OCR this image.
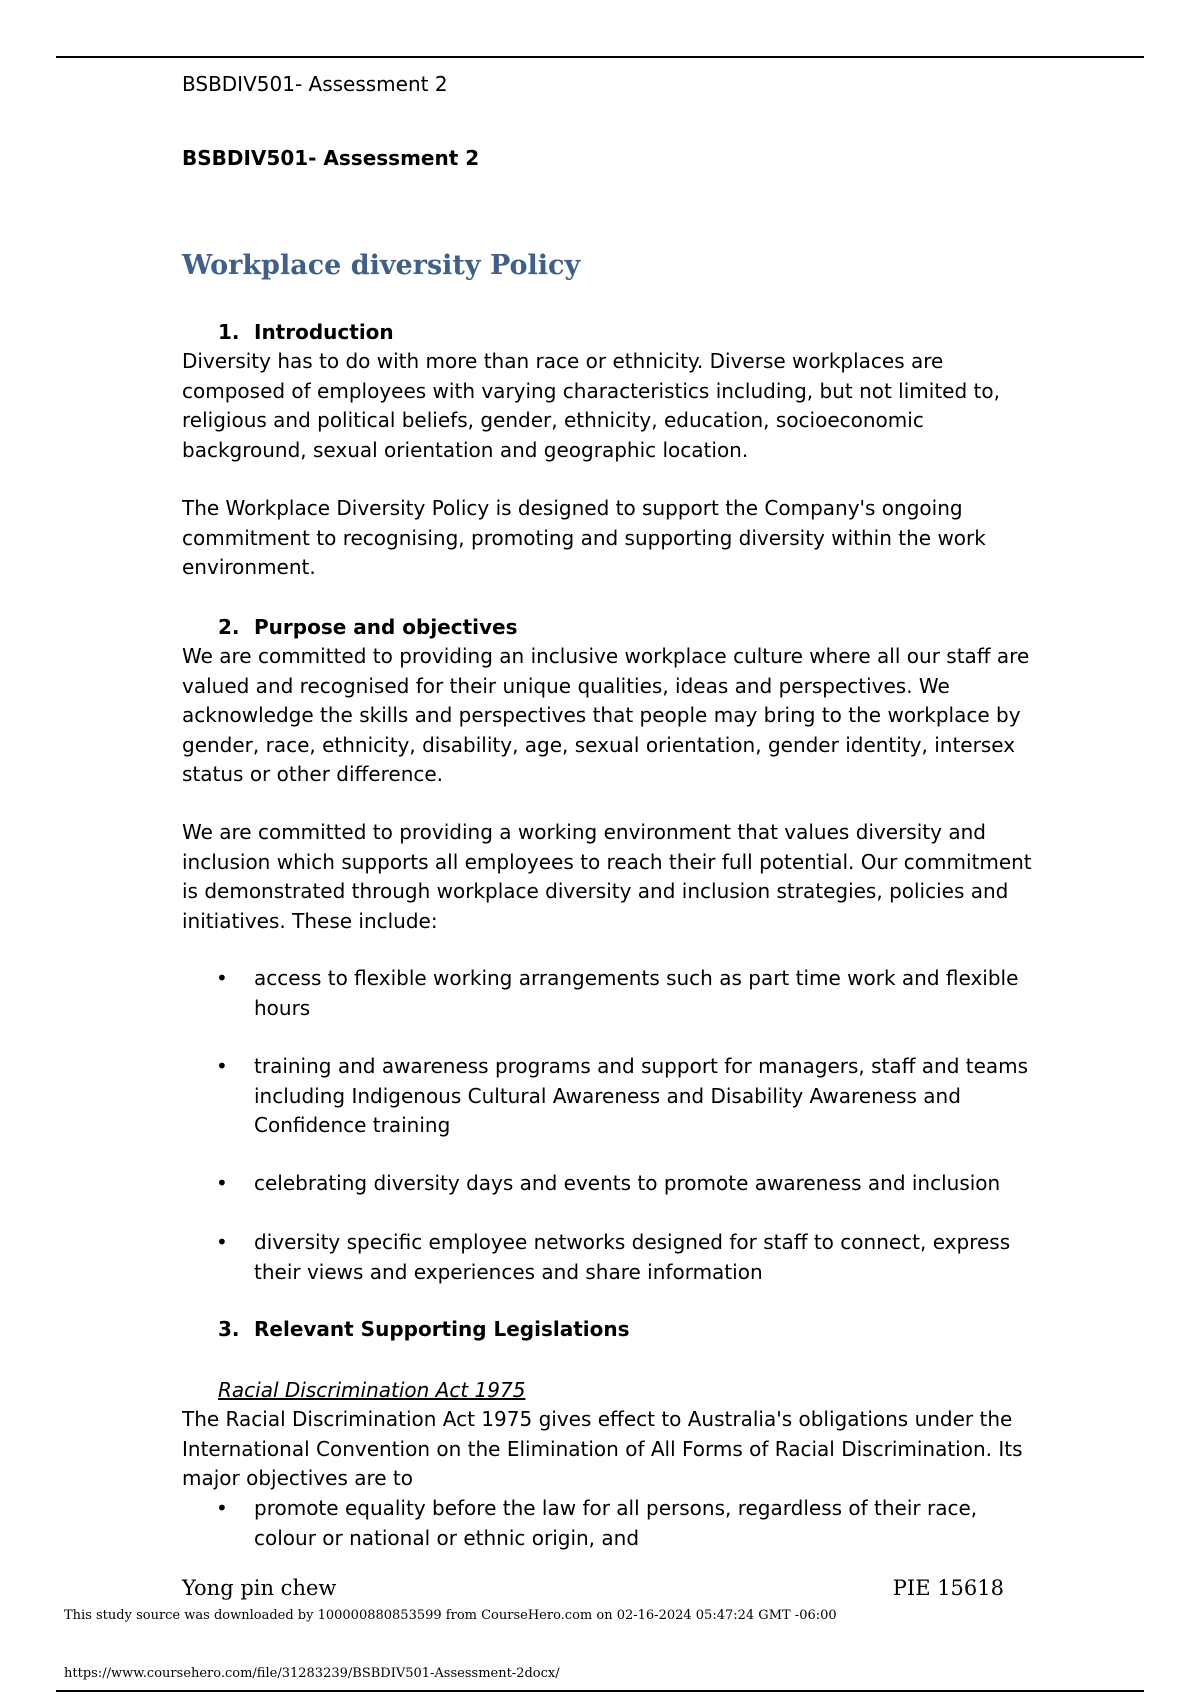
BSBDIV501- Assessment 2
BSBDIV501- Assessment 2
Workplace diversity Policy
1. Introduction

Diversity has to do with more than race or ethnicity. Diverse workplaces are composed of employees with varying characteristics including, but not limited to, religious and political beliefs, gender, ethnicity, education, socioeconomic background, sexual orientation and geographic location.

The Workplace Diversity Policy is designed to support the Company's ongoing commitment to recognising, promoting and supporting diversity within the work environment.

2. Purpose and objectives

We are committed to providing an inclusive workplace culture where all our staff are valued and recognised for their unique qualities, ideas and perspectives. We acknowledge the skills and perspectives that people may bring to the workplace by gender, race, ethnicity, disability, age, sexual orientation, gender identity, intersex status or other difference.

We are committed to providing a working environment that values diversity and inclusion which supports all employees to reach their full potential. Our commitment is demonstrated through workplace diversity and inclusion strategies, policies and initiatives. These include:

• access to flexible working arrangements such as part time work and flexible hours
• training and awareness programs and support for managers, staff and teams including Indigenous Cultural Awareness and Disability Awareness and Confidence training
• celebrating diversity days and events to promote awareness and inclusion
• diversity specific employee networks designed for staff to connect, express their views and experiences and share information
3. Relevant Supporting Legislations
Racial Discrimination Act 1975

The Racial Discrimination Act 1975 gives effect to Australia's obligations under the International Convention on the Elimination of All Forms of Racial Discrimination. Its major objectives are to

• promote equality before the law for all persons, regardless of their race, colour or national or ethnic origin, and
Yong pin chew	PIE 15618
This study source was downloaded by 100000880853599 from CourseHero.com on 02-16-2024 05:47:24 GMT -06:00
https://www.coursehero.com/file/31283239/BSBDIV501-Assessment-2docx/
